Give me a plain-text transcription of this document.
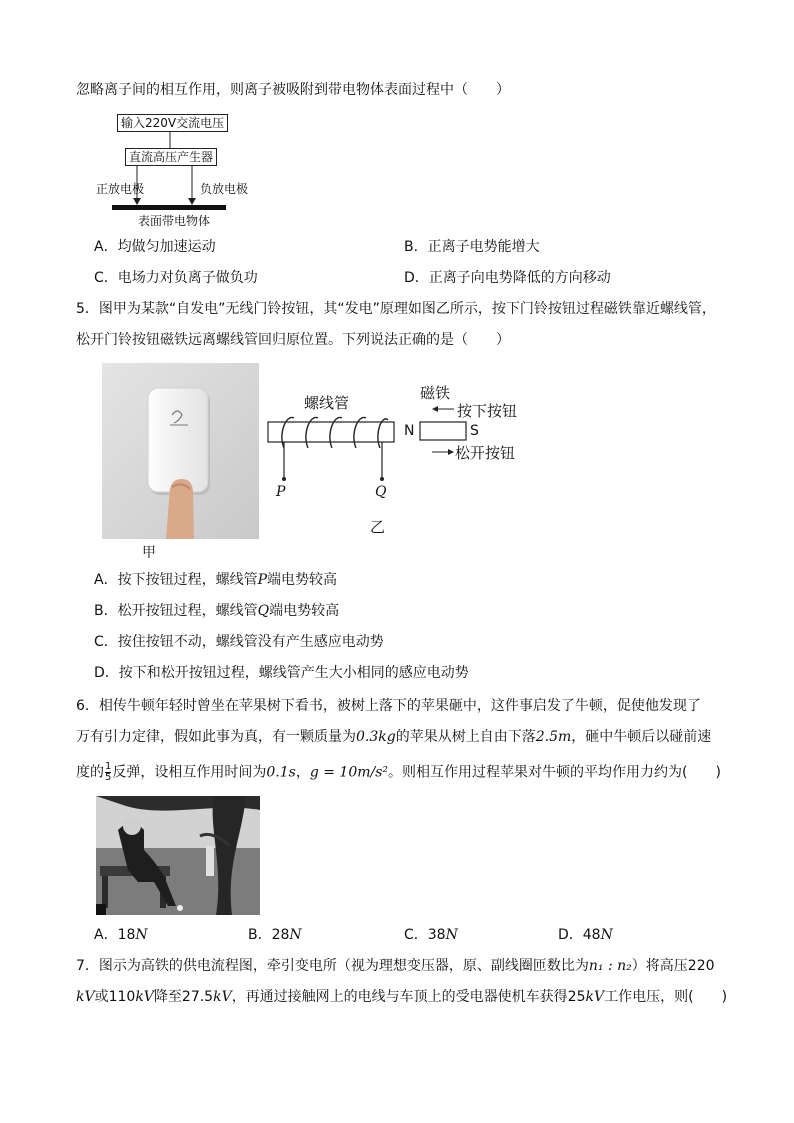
忽略离子间的相互作用，则离子被吸附到带电物体表面过程中（　　）
输入220V交流电压
直流高压产生器
正放电极	负放电极
表面带电物体
A．均做匀加速运动	B．正离子电势能增大
C．电场力对负离子做负功	D．正离子向电势降低的方向移动
5．图甲为某款“自发电”无线门铃按钮，其“发电”原理如图乙所示，按下门铃按钮过程磁铁靠近螺线管，
松开门铃按钮磁铁远离螺线管回归原位置。下列说法正确的是（　　）
甲
螺线管
磁铁
按下按钮
松开按钮
N	S
P	Q
乙
A．按下按钮过程，螺线管P端电势较高
B．松开按钮过程，螺线管Q端电势较高
C．按住按钮不动，螺线管没有产生感应电动势
D．按下和松开按钮过程，螺线管产生大小相同的感应电动势
6．相传牛顿年轻时曾坐在苹果树下看书，被树上落下的苹果砸中，这件事启发了牛顿，促使他发现了
万有引力定律，假如此事为真，有一颗质量为0.3kg的苹果从树上自由下落2.5m，砸中牛顿后以碰前速
度的 $\frac{1}{5}$ 反弹，设相互作用时间为0.1s，g = 10m/s²。则相互作用过程苹果对牛顿的平均作用力约为(　　)
A．18N	B．28N	C．38N	D．48N
7．图示为高铁的供电流程图，牵引变电所（视为理想变压器，原、副线圈匝数比为n₁ : n₂）将高压220
kV或110kV降至27.5kV，再通过接触网上的电线与车顶上的受电器使机车获得25kV工作电压，则(　　)
